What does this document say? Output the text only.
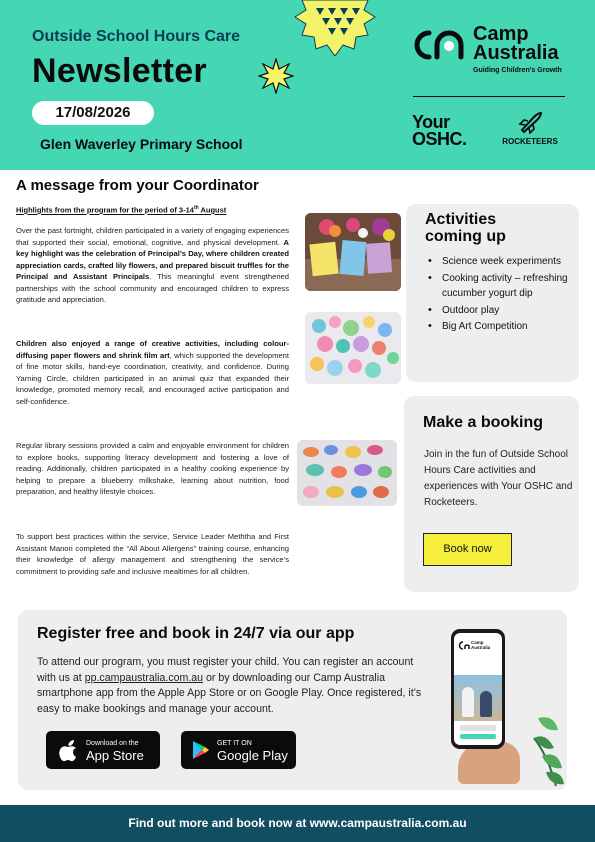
Outside School Hours Care
Newsletter
17/08/2026
Glen Waverley Primary School
Camp
Australia
Guiding Children's Growth
Your
OSHC.	ROCKETEERS
A message from your Coordinator
Highlights from the program for the period of 3-14th August
Over the past fortnight, children participated in a variety of engaging experiences that supported their social, emotional, cognitive, and physical development. A key highlight was the celebration of Principal’s Day, where children created appreciation cards, crafted lily flowers, and prepared biscuit truffles for the Principal and Assistant Principals. This meaningful event strengthened partnerships with the school community and encouraged children to express gratitude and appreciation.
Children also enjoyed a range of creative activities, including colour-diffusing paper flowers and shrink film art, which supported the development of fine motor skills, hand-eye coordination, creativity, and confidence. During Yarning Circle, children participated in an animal quiz that expanded their knowledge, promoted memory recall, and encouraged active participation and self-confidence.
Regular library sessions provided a calm and enjoyable environment for children to explore books, supporting literacy development and fostering a love of reading. Additionally, children participated in a healthy cooking experience by helping to prepare a blueberry milkshake, learning about nutrition, food preparation, and healthy lifestyle choices.
To support best practices within the service, Service Leader Meththa and First Assistant Manori completed the “All About Allergens” training course, enhancing their knowledge of allergy management and strengthening the service’s commitment to providing safe and inclusive mealtimes for all children.
Activities
coming up
• Science week experiments
• Cooking activity – refreshing cucumber yogurt dip
• Outdoor play
• Big Art Competition
Make a booking
Join in the fun of Outside School Hours Care activities and experiences with Your OSHC and Rocketeers.
Book now
Register free and book in 24/7 via our app
To attend our program, you must register your child. You can register an account with us at pp.campaustralia.com.au or by downloading our Camp Australia smartphone app from the Apple App Store or on Google Play. Once registered, it’s easy to make bookings and manage your account.
Download on the
App Store
GET IT ON
Google Play
Camp
Australia
Find out more and book now at www.campaustralia.com.au
